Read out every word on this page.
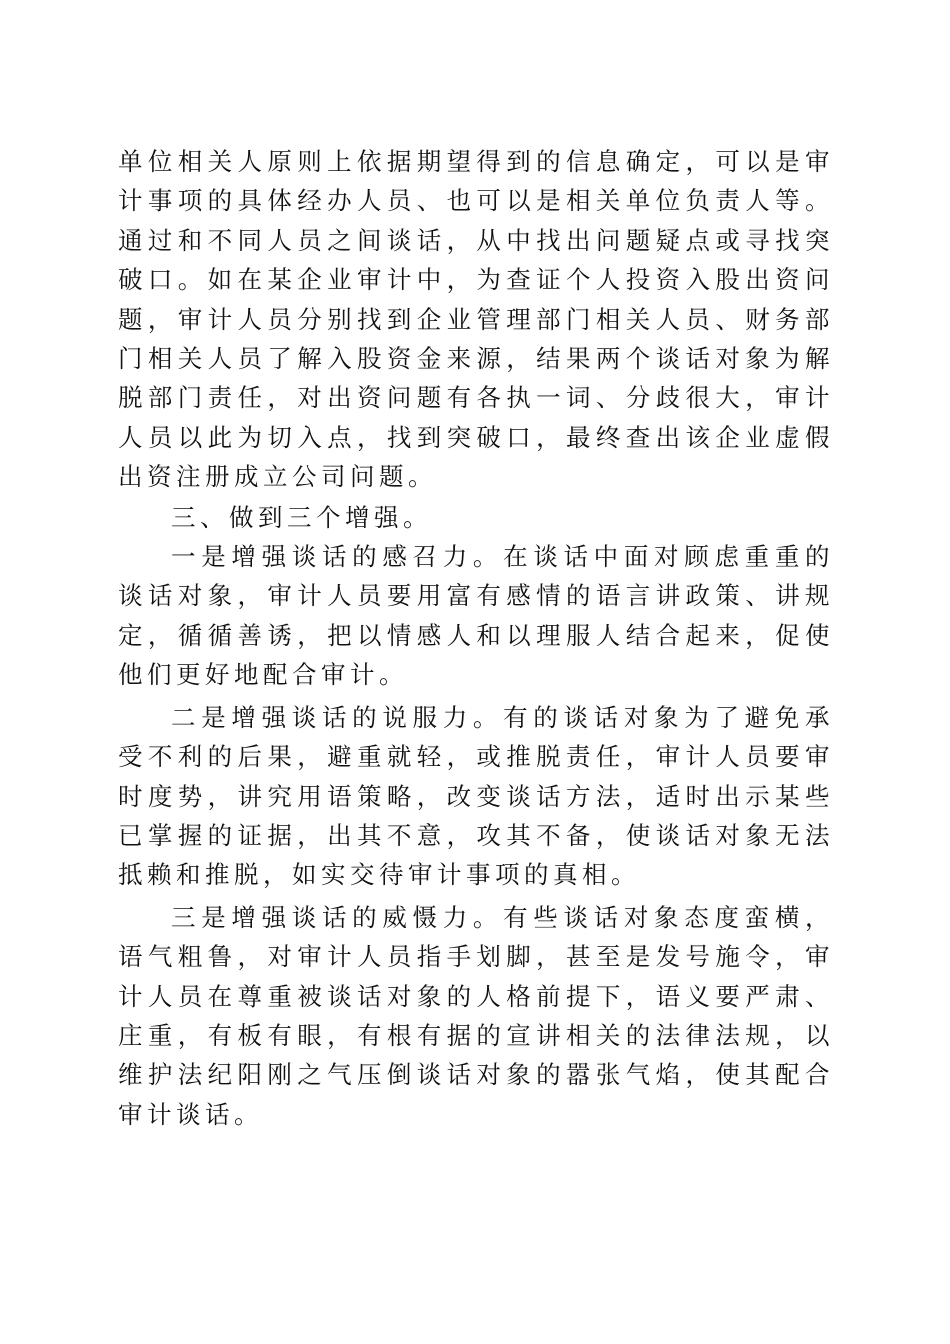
单位相关人原则上依据期望得到的信息确定，可以是审计事项的具体经办人员、也可以是相关单位负责人等。通过和不同人员之间谈话，从中找出问题疑点或寻找突破口。如在某企业审计中，为查证个人投资入股出资问题，审计人员分别找到企业管理部门相关人员、财务部门相关人员了解入股资金来源，结果两个谈话对象为解脱部门责任，对出资问题有各执一词、分歧很大，审计人员以此为切入点，找到突破口，最终查出该企业虚假出资注册成立公司问题。

三、做到三个增强。

一是增强谈话的感召力。在谈话中面对顾虑重重的谈话对象，审计人员要用富有感情的语言讲政策、讲规定，循循善诱，把以情感人和以理服人结合起来，促使他们更好地配合审计。

二是增强谈话的说服力。有的谈话对象为了避免承受不利的后果，避重就轻，或推脱责任，审计人员要审时度势，讲究用语策略，改变谈话方法，适时出示某些已掌握的证据，出其不意，攻其不备，使谈话对象无法抵赖和推脱，如实交待审计事项的真相。

三是增强谈话的威慑力。有些谈话对象态度蛮横，语气粗鲁，对审计人员指手划脚，甚至是发号施令，审计人员在尊重被谈话对象的人格前提下，语义要严肃、庄重，有板有眼，有根有据的宣讲相关的法律法规，以维护法纪阳刚之气压倒谈话对象的嚣张气焰，使其配合审计谈话。
